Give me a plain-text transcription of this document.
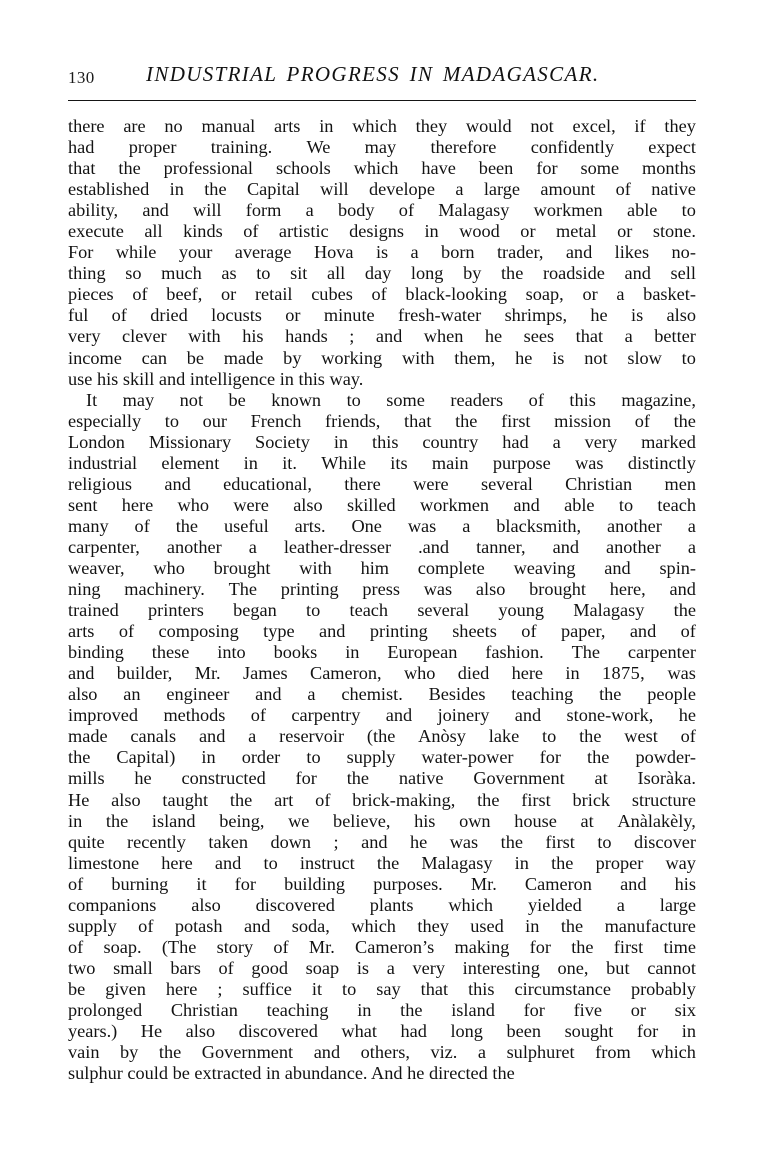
130 INDUSTRIAL PROGRESS IN MADAGASCAR.

there are no manual arts in which they would not excel, if they
had proper training. We may therefore confidently expect
that the professional schools which have been for some months
established in the Capital will develope a large amount of native
ability, and will form a body of Malagasy workmen able to
execute all kinds of artistic designs in wood or metal or stone.
For while your average Hova is a born trader, and likes no-
thing so much as to sit all day long by the roadside and sell
pieces of beef, or retail cubes of black-looking soap, or a basket-
ful of dried locusts or minute fresh-water shrimps, he is also
very clever with his hands ; and when he sees that a better
income can be made by working with them, he is not slow to
use his skill and intelligence in this way.

It may not be known to some readers of this magazine,
especially to our French friends, that the first mission of the
London Missionary Society in this country had a very marked
industrial element in it. While its main purpose was distinctly
religious and educational, there were several Christian men
sent here who were also skilled workmen and able to teach
many of the useful arts. One was a blacksmith, another a
carpenter, another a leather-dresser .and tanner, and another a
weaver, who brought with him complete weaving and spin-
ning machinery. The printing press was also brought here, and
trained printers began to teach several young Malagasy the
arts of composing type and printing sheets of paper, and of
binding these into books in European fashion. The carpenter
and builder, Mr. James Cameron, who died here in 1875, was
also an engineer and a chemist. Besides teaching the people
improved methods of carpentry and joinery and stone-work, he
made canals and a reservoir (the Anòsy lake to the west of
the Capital) in order to supply water-power for the powder-
mills he constructed for the native Government at Isoràka.
He also taught the art of brick-making, the first brick structure
in the island being, we believe, his own house at Anàlakèly,
quite recently taken down ; and he was the first to discover
limestone here and to instruct the Malagasy in the proper way
of burning it for building purposes. Mr. Cameron and his
companions also discovered plants which yielded a large
supply of potash and soda, which they used in the manufacture
of soap. (The story of Mr. Cameron’s making for the first time
two small bars of good soap is a very interesting one, but cannot
be given here ; suffice it to say that this circumstance probably
prolonged Christian teaching in the island for five or six
years.) He also discovered what had long been sought for in
vain by the Government and others, viz. a sulphuret from which
sulphur could be extracted in abundance. And he directed the
